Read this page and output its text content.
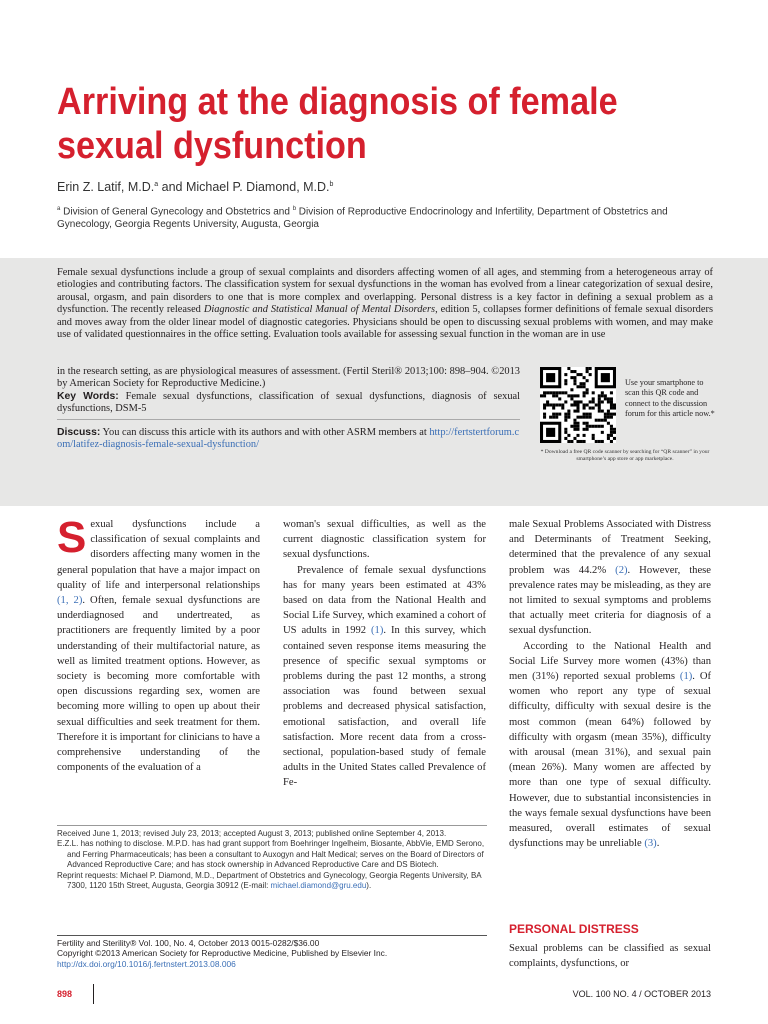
Arriving at the diagnosis of female sexual dysfunction
Erin Z. Latif, M.D.$^a$ and Michael P. Diamond, M.D.$^b$
$^a$ Division of General Gynecology and Obstetrics and $^b$ Division of Reproductive Endocrinology and Infertility, Department of Obstetrics and Gynecology, Georgia Regents University, Augusta, Georgia
Female sexual dysfunctions include a group of sexual complaints and disorders affecting women of all ages, and stemming from a heterogeneous array of etiologies and contributing factors. The classification system for sexual dysfunctions in the woman has evolved from a linear categorization of sexual desire, arousal, orgasm, and pain disorders to one that is more complex and overlapping. Personal distress is a key factor in defining a sexual problem as a dysfunction. The recently released Diagnostic and Statistical Manual of Mental Disorders, edition 5, collapses former definitions of female sexual disorders and moves away from the older linear model of diagnostic categories. Physicians should be open to discussing sexual problems with women, and may make use of validated questionnaires in the office setting. Evaluation tools available for assessing sexual function in the woman are in use
in the research setting, as are physiological measures of assessment. (Fertil Steril® 2013;100: 898–904. ©2013 by American Society for Reproductive Medicine.)
Key Words: Female sexual dysfunctions, classification of sexual dysfunctions, diagnosis of sexual dysfunctions, DSM-5
Discuss: You can discuss this article with its authors and with other ASRM members at http://fertstertforum.com/latifez-diagnosis-female-sexual-dysfunction/
Use your smartphone to scan this QR code and connect to the discussion forum for this article now.*
* Download a free QR code scanner by searching for “QR scanner” in your smartphone’s app store or app marketplace.

Sexual dysfunctions include a classification of sexual complaints and disorders affecting many women in the general population that have a major impact on quality of life and interpersonal relationships (1, 2). Often, female sexual dysfunctions are underdiagnosed and undertreated, as practitioners are frequently limited by a poor understanding of their multifactorial nature, as well as limited treatment options. However, as society is becoming more comfortable with open discussions regarding sex, women are becoming more willing to open up about their sexual difficulties and seek treatment for them. Therefore it is important for clinicians to have a comprehensive understanding of the components of the evaluation of a

woman's sexual difficulties, as well as the current diagnostic classification system for sexual dysfunctions.

Prevalence of female sexual dysfunctions has for many years been estimated at 43% based on data from the National Health and Social Life Survey, which examined a cohort of US adults in 1992 (1). In this survey, which contained seven response items measuring the presence of specific sexual symptoms or problems during the past 12 months, a strong association was found between sexual problems and decreased physical satisfaction, emotional satisfaction, and overall life satisfaction. More recent data from a cross-sectional, population-based study of female adults in the United States called Prevalence of Fe-

male Sexual Problems Associated with Distress and Determinants of Treatment Seeking, determined that the prevalence of any sexual problem was 44.2% (2). However, these prevalence rates may be misleading, as they are not limited to sexual symptoms and problems that actually meet criteria for diagnosis of a sexual dysfunction.

According to the National Health and Social Life Survey more women (43%) than men (31%) reported sexual problems (1). Of women who report any type of sexual difficulty, difficulty with sexual desire is the most common (mean 64%) followed by difficulty with orgasm (mean 35%), difficulty with arousal (mean 31%), and sexual pain (mean 26%). Many women are affected by more than one type of sexual difficulty. However, due to substantial inconsistencies in the ways female sexual dysfunctions have been measured, overall estimates of sexual dysfunctions may be unreliable (3).

PERSONAL DISTRESS
Sexual problems can be classified as sexual complaints, dysfunctions, or

Received June 1, 2013; revised July 23, 2013; accepted August 3, 2013; published online September 4, 2013.

E.Z.L. has nothing to disclose. M.P.D. has had grant support from Boehringer Ingelheim, Biosante, AbbVie, EMD Serono, and Ferring Pharmaceuticals; has been a consultant to Auxogyn and Halt Medical; serves on the Board of Directors of Advanced Reproductive Care; and has stock ownership in Advanced Reproductive Care and DS Biotech.

Reprint requests: Michael P. Diamond, M.D., Department of Obstetrics and Gynecology, Georgia Regents University, BA 7300, 1120 15th Street, Augusta, Georgia 30912 (E-mail: michael.diamond@gru.edu).

Fertility and Sterility® Vol. 100, No. 4, October 2013 0015-0282/$36.00
Copyright ©2013 American Society for Reproductive Medicine, Published by Elsevier Inc.
http://dx.doi.org/10.1016/j.fertnstert.2013.08.006
898	VOL. 100 NO. 4 / OCTOBER 2013
